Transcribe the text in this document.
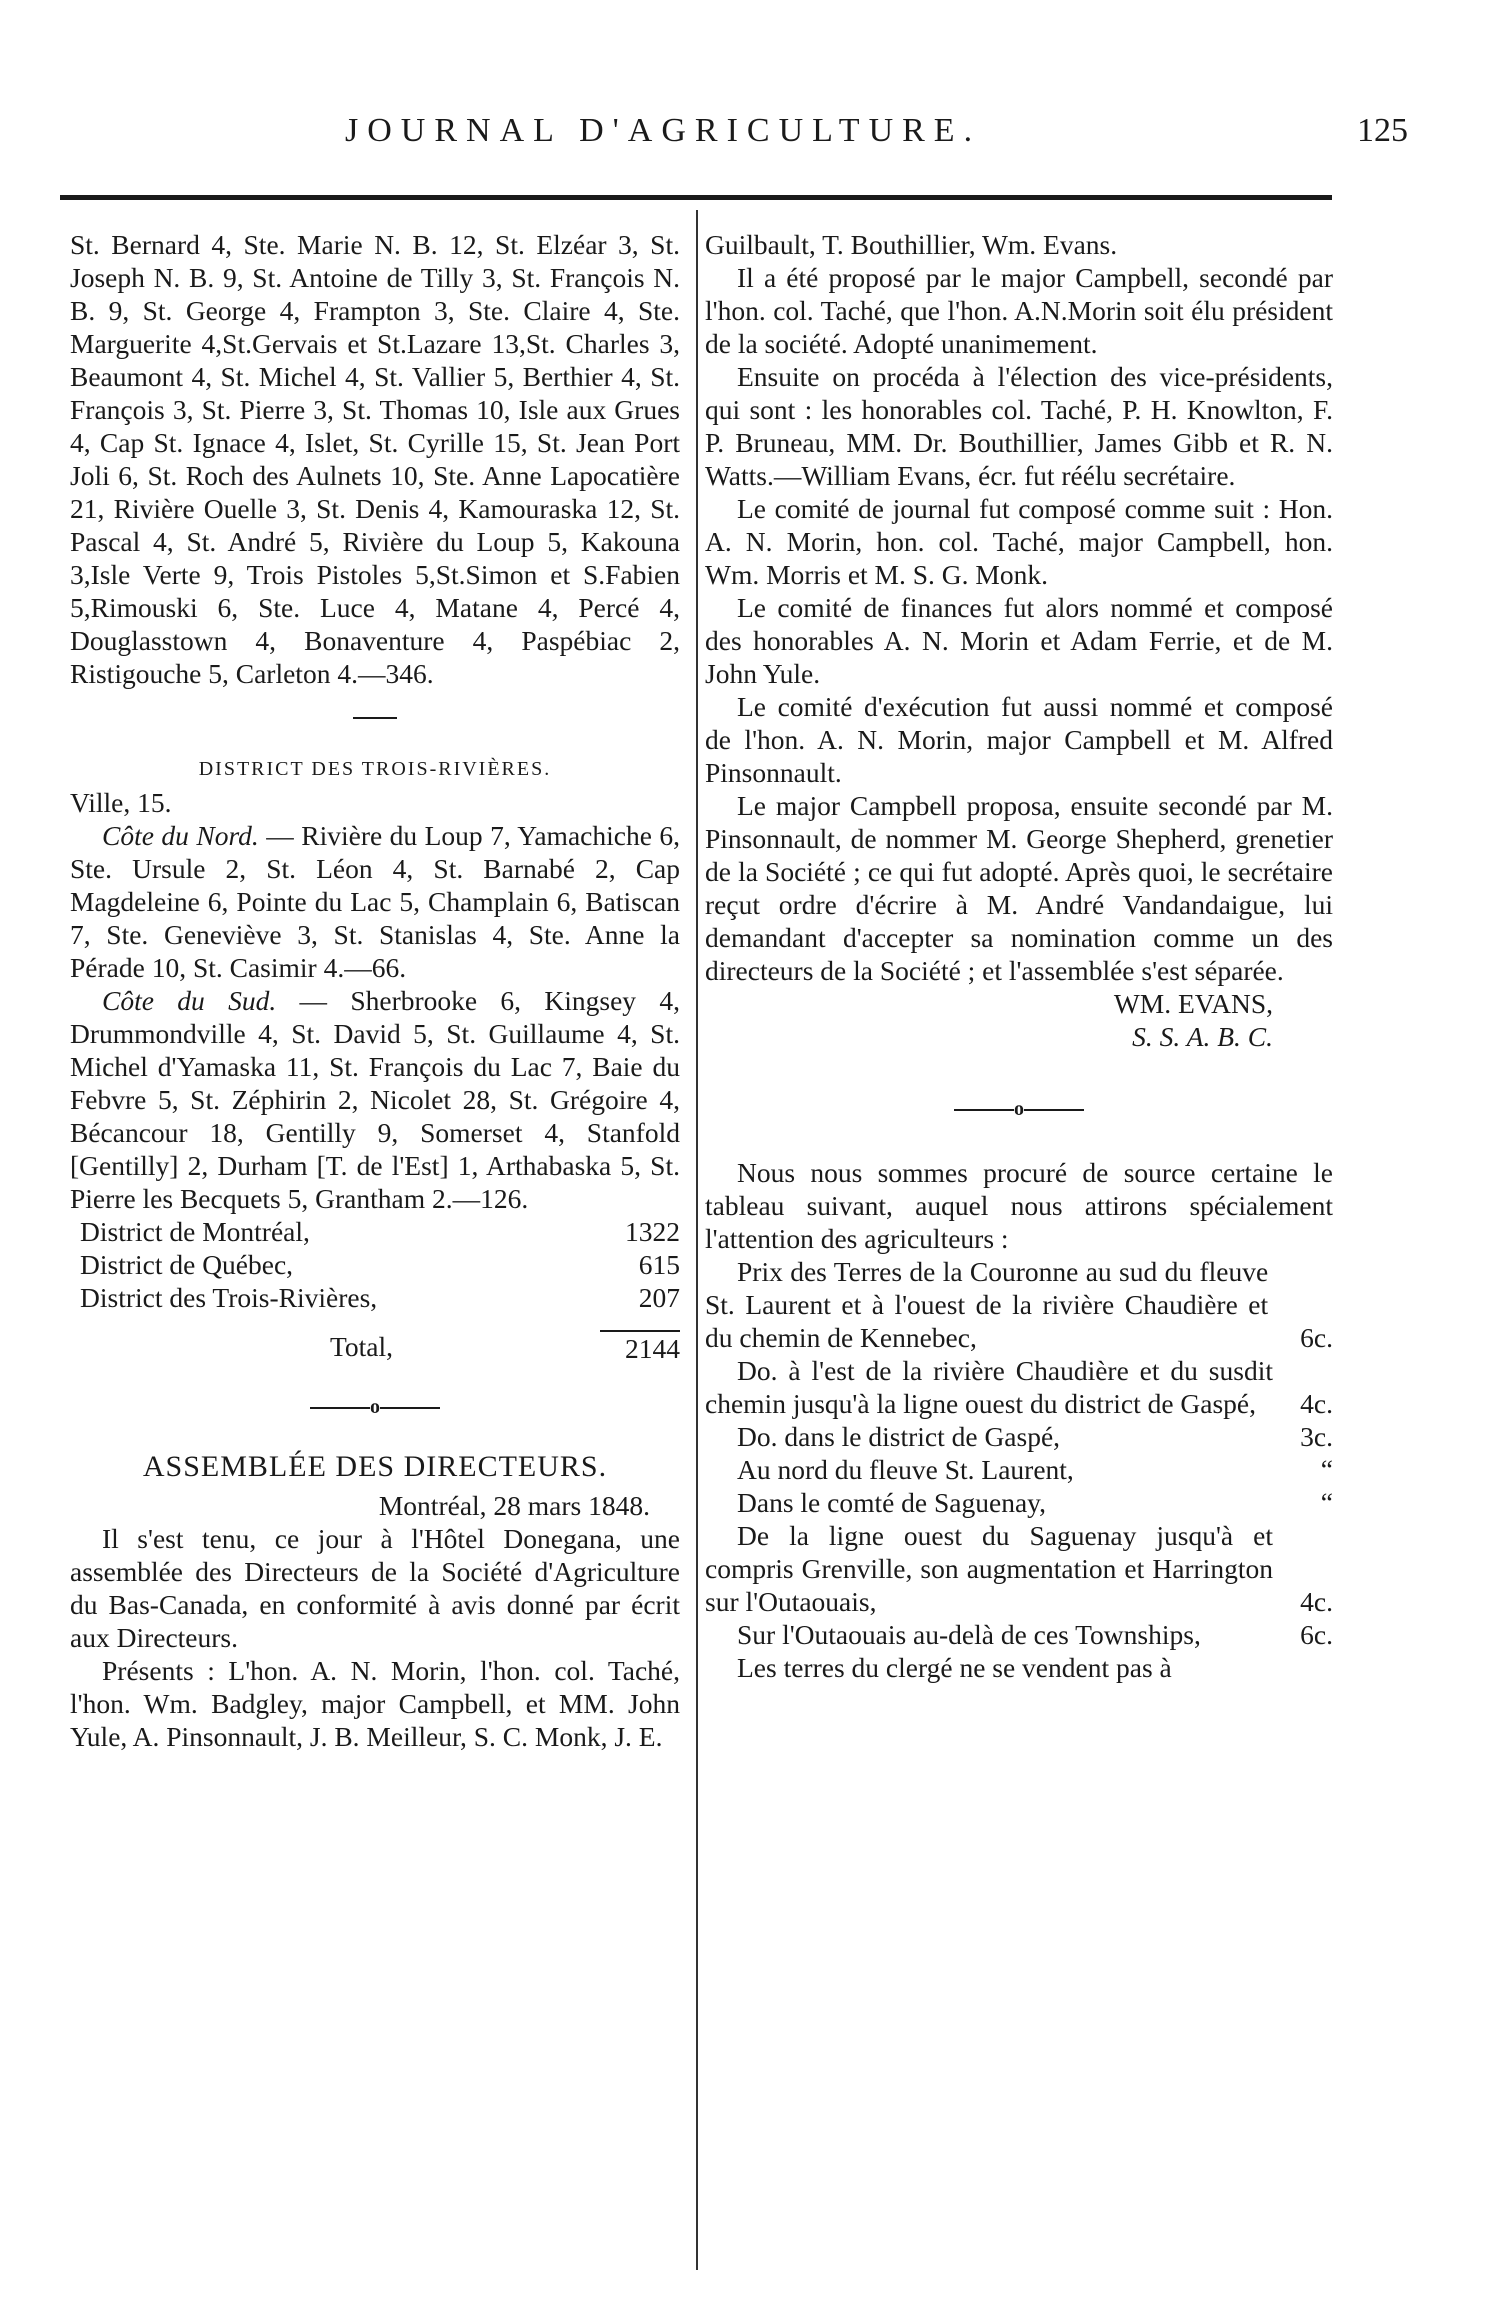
JOURNAL D'AGRICULTURE.	125

St. Bernard 4, Ste. Marie N. B. 12, St. Elzéar 3, St. Joseph N. B. 9, St. Antoine de Tilly 3, St. François N. B. 9, St. George 4, Frampton 3, Ste. Claire 4, Ste. Marguerite 4,St.Gervais et St.Lazare 13,St. Charles 3, Beaumont 4, St. Michel 4, St. Vallier 5, Berthier 4, St. François 3, St. Pierre 3, St. Thomas 10, Isle aux Grues 4, Cap St. Ignace 4, Islet, St. Cyrille 15, St. Jean Port Joli 6, St. Roch des Aulnets 10, Ste. Anne Lapocatière 21, Rivière Ouelle 3, St. Denis 4, Kamouraska 12, St. Pascal 4, St. André 5, Rivière du Loup 5, Kakouna 3,Isle Verte 9, Trois Pistoles 5,St.Simon et S.Fabien 5,Rimouski 6, Ste. Luce 4, Matane 4, Percé 4, Douglasstown 4, Bonaventure 4, Paspébiac 2, Ristigouche 5, Carleton 4.—346.

DISTRICT DES TROIS-RIVIÈRES.

Ville, 15.

Côte du Nord. — Rivière du Loup 7, Yamachiche 6, Ste. Ursule 2, St. Léon 4, St. Barnabé 2, Cap Magdeleine 6, Pointe du Lac 5, Champlain 6, Batiscan 7, Ste. Geneviève 3, St. Stanislas 4, Ste. Anne la Pérade 10, St. Casimir 4.—66.

Côte du Sud. — Sherbrooke 6, Kingsey 4, Drummondville 4, St. David 5, St. Guillaume 4, St. Michel d'Yamaska 11, St. François du Lac 7, Baie du Febvre 5, St. Zéphirin 2, Nicolet 28, St. Grégoire 4, Bécancour 18, Gentilly 9, Somerset 4, Stanfold [Gentilly] 2, Durham [T. de l'Est] 1, Arthabaska 5, St. Pierre les Becquets 5, Grantham 2.—126.

District de Montréal,	1322
District de Québec,	615
District des Trois-Rivières,	207
Total,	2144
o
ASSEMBLÉE DES DIRECTEURS.
Montréal, 28 mars 1848.

Il s'est tenu, ce jour à l'Hôtel Donegana, une assemblée des Directeurs de la Société d'Agriculture du Bas-Canada, en conformité à avis donné par écrit aux Directeurs.

Présents : L'hon. A. N. Morin, l'hon. col. Taché, l'hon. Wm. Badgley, major Campbell, et MM. John Yule, A. Pinsonnault, J. B. Meilleur, S. C. Monk, J. E.

Guilbault, T. Bouthillier, Wm. Evans.

Il a été proposé par le major Campbell, secondé par l'hon. col. Taché, que l'hon. A.N.Morin soit élu président de la société. Adopté unanimement.

Ensuite on procéda à l'élection des vice-présidents, qui sont : les honorables col. Taché, P. H. Knowlton, F. P. Bruneau, MM. Dr. Bouthillier, James Gibb et R. N. Watts.—William Evans, écr. fut réélu secrétaire.

Le comité de journal fut composé comme suit : Hon. A. N. Morin, hon. col. Taché, major Campbell, hon. Wm. Morris et M. S. G. Monk.

Le comité de finances fut alors nommé et composé des honorables A. N. Morin et Adam Ferrie, et de M. John Yule.

Le comité d'exécution fut aussi nommé et composé de l'hon. A. N. Morin, major Campbell et M. Alfred Pinsonnault.

Le major Campbell proposa, ensuite secondé par M. Pinsonnault, de nommer M. George Shepherd, grenetier de la Société ; ce qui fut adopté. Après quoi, le secrétaire reçut ordre d'écrire à M. André Vandandaigue, lui demandant d'accepter sa nomination comme un des directeurs de la Société ; et l'assemblée s'est séparée.

WM. EVANS,
S. S. A. B. C.
o

Nous nous sommes procuré de source certaine le tableau suivant, auquel nous attirons spécialement l'attention des agriculteurs :

Prix des Terres de la Couronne au sud du fleuve St. Laurent et à l'ouest de la rivière Chaudière et du chemin de Kennebec,	6c.

Do. à l'est de la rivière Chaudière et du susdit chemin jusqu'à la ligne ouest du district de Gaspé,	4c.

Do. dans le district de Gaspé,	3c.

Au nord du fleuve St. Laurent,	“

Dans le comté de Saguenay,	“

De la ligne ouest du Saguenay jusqu'à et compris Grenville, son augmentation et Harrington sur l'Outaouais,	4c.

Sur l'Outaouais au-delà de ces Townships,	6c.

Les terres du clergé ne se vendent pas à
